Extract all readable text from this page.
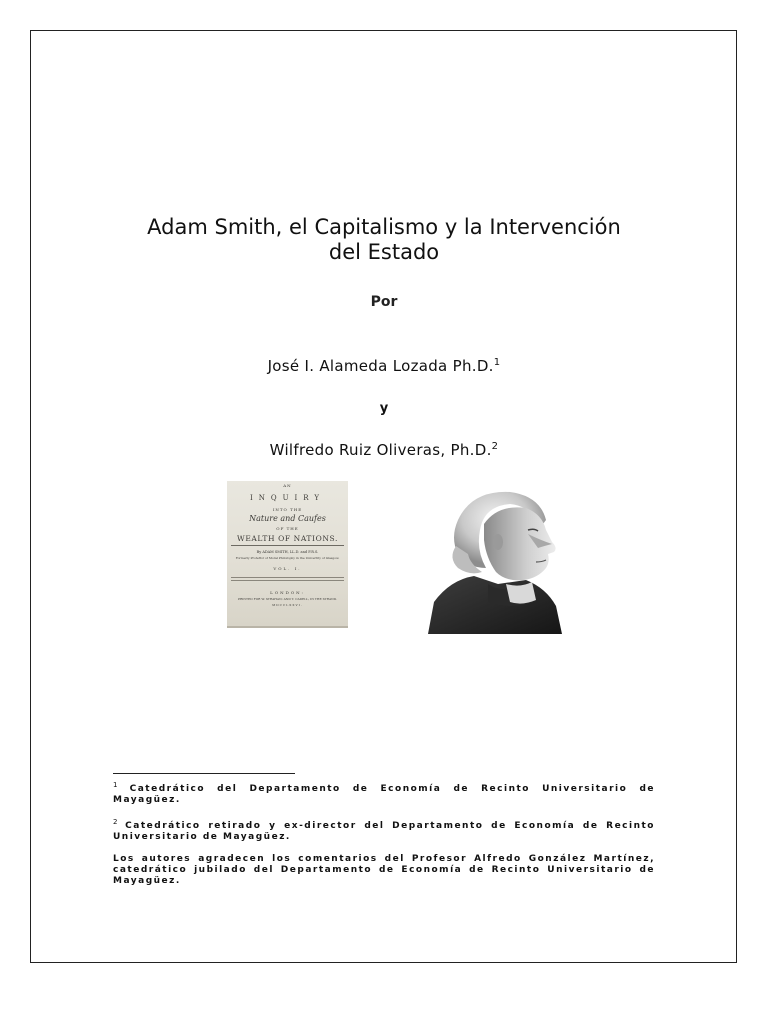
Adam Smith, el Capitalismo y la Intervención
del Estado
Por
José I. Alameda Lozada Ph.D.$^1$
y
Wilfredo Ruiz Oliveras, Ph.D.$^2$
AN
INQUIRY
INTO THE
Nature and Caufes
OF THE
WEALTH OF NATIONS.
By ADAM SMITH, LL.D. and F.R.S.
Formerly Profeffor of Moral Philofophy in the Univerfity of Glasgow.
VOL. I.
LONDON:
PRINTED FOR W. STRAHAN; AND T. CADELL, IN THE STRAND.
MDCCLXXVI.

$^1$ Catedrático del Departamento de Economía de Recinto Universitario de Mayagüez.

$^2$ Catedrático retirado y ex-director del Departamento de Economía de Recinto Universitario de Mayagüez.

Los autores agradecen los comentarios del Profesor Alfredo González Martínez, catedrático jubilado del Departamento de Economía de Recinto Universitario de Mayagüez.
